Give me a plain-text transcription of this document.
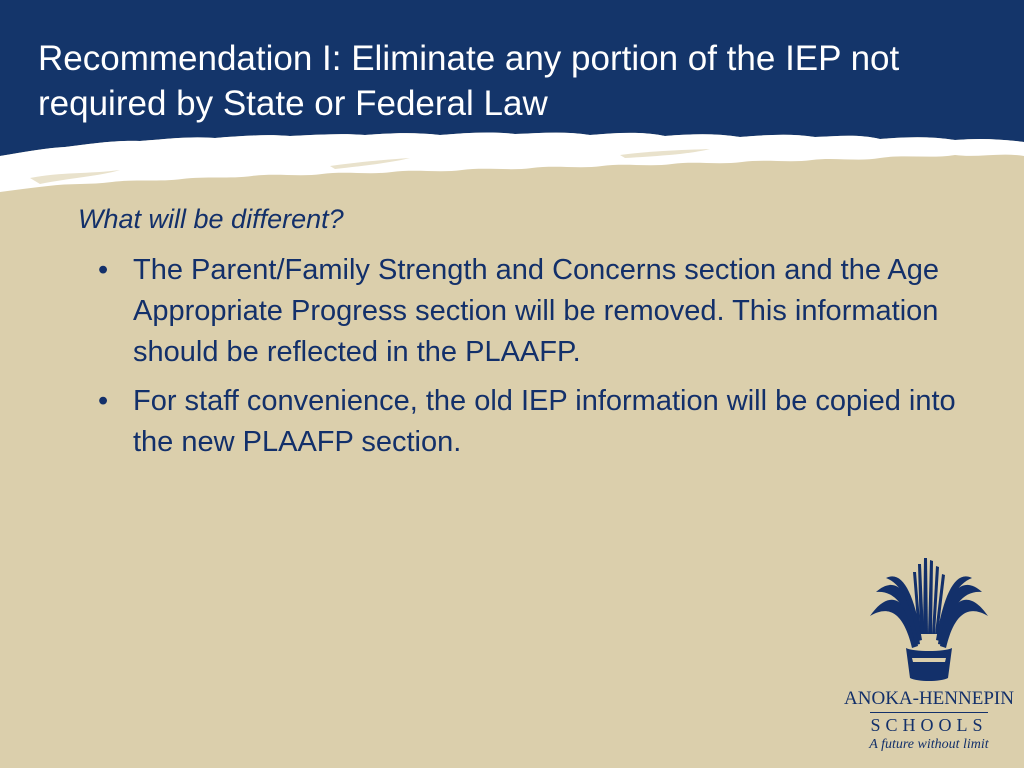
Recommendation I: Eliminate any portion of the IEP not required by State or Federal Law

What will be different?

• The Parent/Family Strength and Concerns section and the Age Appropriate Progress section will be removed. This information should be reflected in the PLAAFP.
• For staff convenience, the old IEP information will be copied into the new PLAAFP section.
ANOKA-HENNEPIN
SCHOOLS
A future without limit
